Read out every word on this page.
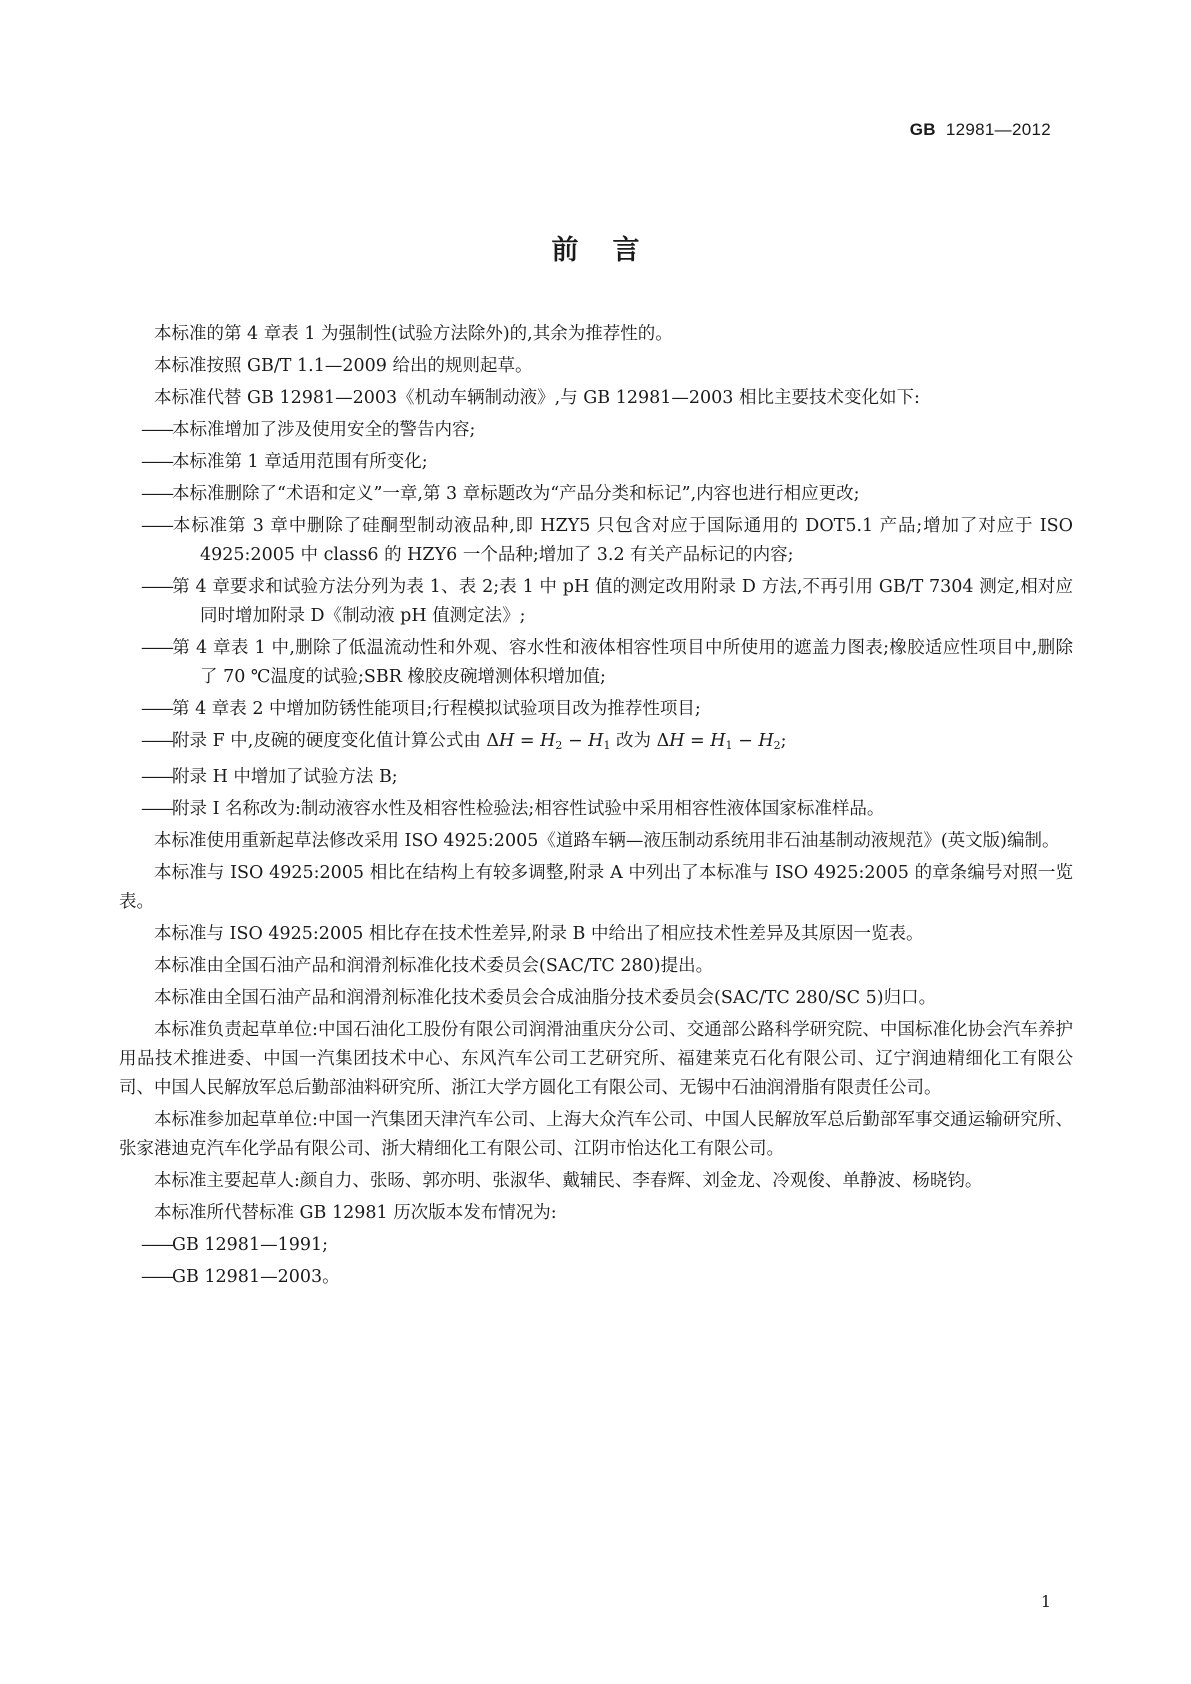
GB 12981—2012
前言

本标准的第 4 章表 1 为强制性(试验方法除外)的,其余为推荐性的。

本标准按照 GB/T 1.1—2009 给出的规则起草。

本标准代替 GB 12981—2003《机动车辆制动液》,与 GB 12981—2003 相比主要技术变化如下:

——本标准增加了涉及使用安全的警告内容;

——本标准第 1 章适用范围有所变化;

——本标准删除了“术语和定义”一章,第 3 章标题改为“产品分类和标记”,内容也进行相应更改;

——本标准第 3 章中删除了硅酮型制动液品种,即 HZY5 只包含对应于国际通用的 DOT5.1 产品;增加了对应于 ISO 4925:2005 中 class6 的 HZY6 一个品种;增加了 3.2 有关产品标记的内容;

——第 4 章要求和试验方法分列为表 1、表 2;表 1 中 pH 值的测定改用附录 D 方法,不再引用 GB/T 7304 测定,相对应同时增加附录 D《制动液 pH 值测定法》;

——第 4 章表 1 中,删除了低温流动性和外观、容水性和液体相容性项目中所使用的遮盖力图表;橡胶适应性项目中,删除了 70 ℃温度的试验;SBR 橡胶皮碗增测体积增加值;

——第 4 章表 2 中增加防锈性能项目;行程模拟试验项目改为推荐性项目;

——附录 F 中,皮碗的硬度变化值计算公式由 $\Delta H = H_2 - H_1$ 改为 $\Delta H = H_1 - H_2$;

——附录 H 中增加了试验方法 B;

——附录 I 名称改为:制动液容水性及相容性检验法;相容性试验中采用相容性液体国家标准样品。

本标准使用重新起草法修改采用 ISO 4925:2005《道路车辆—液压制动系统用非石油基制动液规范》(英文版)编制。

本标准与 ISO 4925:2005 相比在结构上有较多调整,附录 A 中列出了本标准与 ISO 4925:2005 的章条编号对照一览表。

本标准与 ISO 4925:2005 相比存在技术性差异,附录 B 中给出了相应技术性差异及其原因一览表。

本标准由全国石油产品和润滑剂标准化技术委员会(SAC/TC 280)提出。

本标准由全国石油产品和润滑剂标准化技术委员会合成油脂分技术委员会(SAC/TC 280/SC 5)归口。

本标准负责起草单位:中国石油化工股份有限公司润滑油重庆分公司、交通部公路科学研究院、中国标准化协会汽车养护用品技术推进委、中国一汽集团技术中心、东风汽车公司工艺研究所、福建莱克石化有限公司、辽宁润迪精细化工有限公司、中国人民解放军总后勤部油料研究所、浙江大学方圆化工有限公司、无锡中石油润滑脂有限责任公司。

本标准参加起草单位:中国一汽集团天津汽车公司、上海大众汽车公司、中国人民解放军总后勤部军事交通运输研究所、张家港迪克汽车化学品有限公司、浙大精细化工有限公司、江阴市怡达化工有限公司。

本标准主要起草人:颜自力、张旸、郭亦明、张淑华、戴辅民、李春辉、刘金龙、冷观俊、单静波、杨晓钧。

本标准所代替标准 GB 12981 历次版本发布情况为:

——GB 12981—1991;

——GB 12981—2003。

1
